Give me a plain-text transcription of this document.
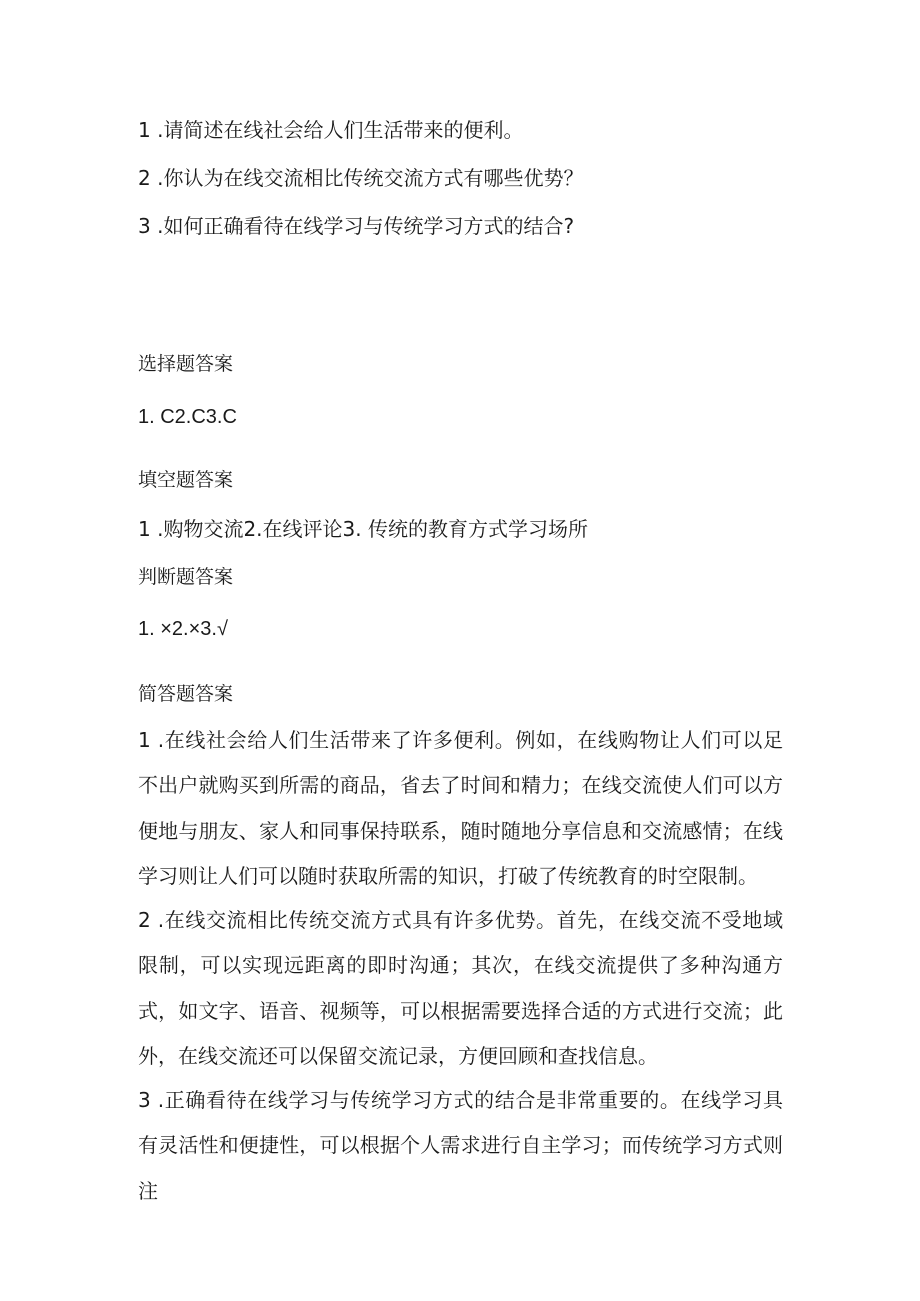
1 .请简述在线社会给人们生活带来的便利。
2 .你认为在线交流相比传统交流方式有哪些优势？
3 .如何正确看待在线学习与传统学习方式的结合?
选择题答案
1. C2.C3.C
填空题答案
1 .购物交流2.在线评论3. 传统的教育方式学习场所
判断题答案
1. ×2.×3.√
简答题答案
1 .在线社会给人们生活带来了许多便利。例如，在线购物让人们可以足不出户就购买到所需的商品，省去了时间和精力；在线交流使人们可以方便地与朋友、家人和同事保持联系，随时随地分享信息和交流感情；在线学习则让人们可以随时获取所需的知识，打破了传统教育的时空限制。
2 .在线交流相比传统交流方式具有许多优势。首先，在线交流不受地域限制，可以实现远距离的即时沟通；其次，在线交流提供了多种沟通方式，如文字、语音、视频等，可以根据需要选择合适的方式进行交流；此外，在线交流还可以保留交流记录，方便回顾和查找信息。
3 .正确看待在线学习与传统学习方式的结合是非常重要的。在线学习具有灵活性和便捷性，可以根据个人需求进行自主学习；而传统学习方式则注
